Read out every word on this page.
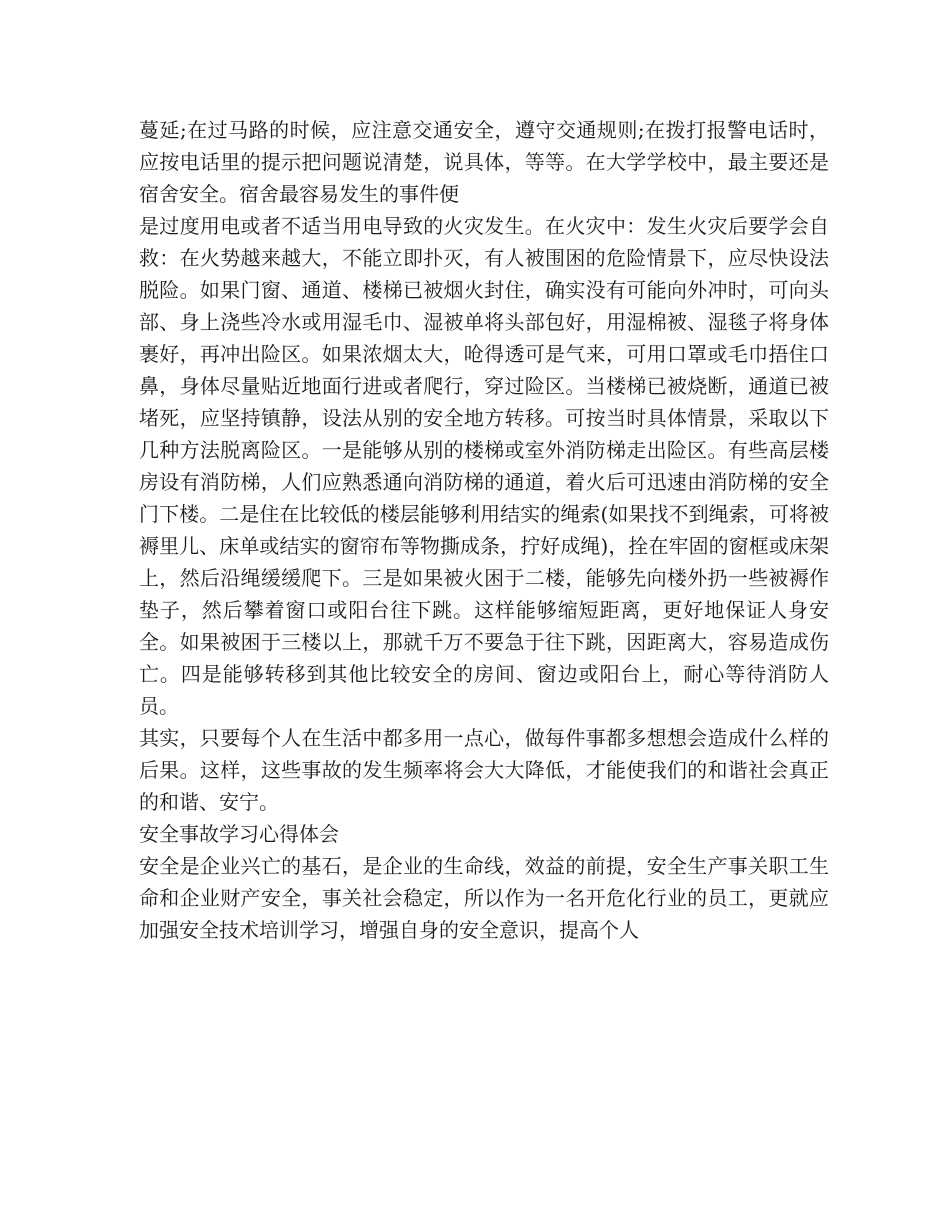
蔓延;在过马路的时候，应注意交通安全，遵守交通规则;在拨打报警电话时，应按电话里的提示把问题说清楚，说具体，等等。在大学学校中，最主要还是宿舍安全。宿舍最容易发生的事件便

是过度用电或者不适当用电导致的火灾发生。在火灾中：发生火灾后要学会自救：在火势越来越大，不能立即扑灭，有人被围困的危险情景下，应尽快设法脱险。如果门窗、通道、楼梯已被烟火封住，确实没有可能向外冲时，可向头部、身上浇些冷水或用湿毛巾、湿被单将头部包好，用湿棉被、湿毯子将身体裹好，再冲出险区。如果浓烟太大，呛得透可是气来，可用口罩或毛巾捂住口鼻，身体尽量贴近地面行进或者爬行，穿过险区。当楼梯已被烧断，通道已被堵死，应坚持镇静，设法从别的安全地方转移。可按当时具体情景，采取以下几种方法脱离险区。一是能够从别的楼梯或室外消防梯走出险区。有些高层楼房设有消防梯，人们应熟悉通向消防梯的通道，着火后可迅速由消防梯的安全门下楼。二是住在比较低的楼层能够利用结实的绳索(如果找不到绳索，可将被褥里儿、床单或结实的窗帘布等物撕成条，拧好成绳)，拴在牢固的窗框或床架上，然后沿绳缓缓爬下。三是如果被火困于二楼，能够先向楼外扔一些被褥作垫子，然后攀着窗口或阳台往下跳。这样能够缩短距离，更好地保证人身安全。如果被困于三楼以上，那就千万不要急于往下跳，因距离大，容易造成伤亡。四是能够转移到其他比较安全的房间、窗边或阳台上，耐心等待消防人员。

其实，只要每个人在生活中都多用一点心，做每件事都多想想会造成什么样的后果。这样，这些事故的发生频率将会大大降低，才能使我们的和谐社会真正的和谐、安宁。

安全事故学习心得体会

安全是企业兴亡的基石，是企业的生命线，效益的前提，安全生产事关职工生命和企业财产安全，事关社会稳定，所以作为一名开危化行业的员工，更就应加强安全技术培训学习，增强自身的安全意识，提高个人
